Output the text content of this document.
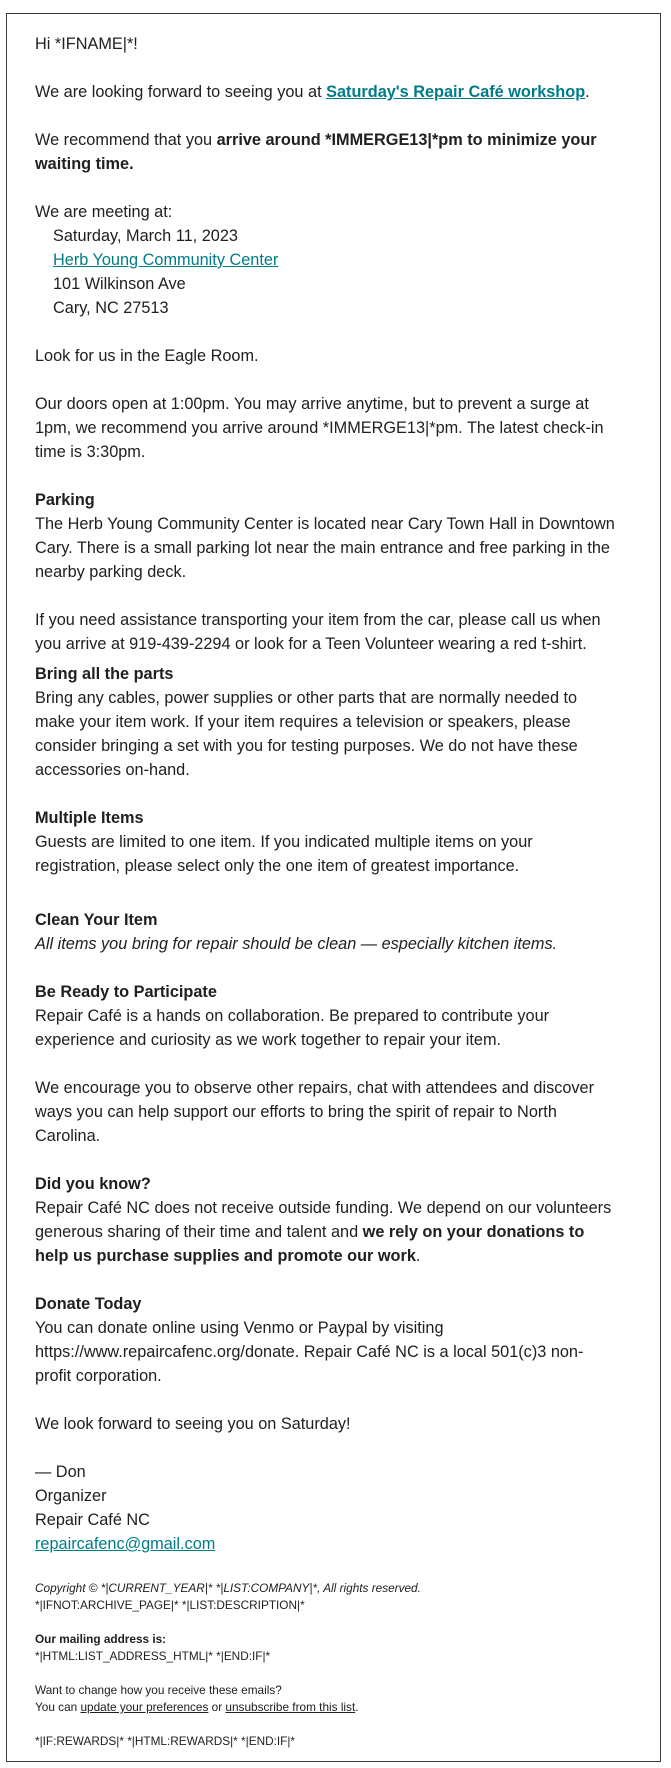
Hi *IFNAME|*!

We are looking forward to seeing you at Saturday's Repair Café workshop.

We recommend that you arrive around *IMMERGE13|*pm to minimize your waiting time.

We are meeting at:

Saturday, March 11, 2023

Herb Young Community Center

101 Wilkinson Ave

Cary, NC 27513

Look for us in the Eagle Room.

Our doors open at 1:00pm. You may arrive anytime, but to prevent a surge at 1pm, we recommend you arrive around *IMMERGE13|*pm. The latest check-in time is 3:30pm.

Parking

The Herb Young Community Center is located near Cary Town Hall in Downtown Cary. There is a small parking lot near the main entrance and free parking in the nearby parking deck.

If you need assistance transporting your item from the car, please call us when you arrive at 919-439-2294 or look for a Teen Volunteer wearing a red t-shirt.

Bring all the parts

Bring any cables, power supplies or other parts that are normally needed to make your item work. If your item requires a television or speakers, please consider bringing a set with you for testing purposes. We do not have these accessories on-hand.

Multiple Items

Guests are limited to one item. If you indicated multiple items on your registration, please select only the one item of greatest importance.

Clean Your Item

All items you bring for repair should be clean — especially kitchen items.

Be Ready to Participate

Repair Café is a hands on collaboration. Be prepared to contribute your experience and curiosity as we work together to repair your item.

We encourage you to observe other repairs, chat with attendees and discover ways you can help support our efforts to bring the spirit of repair to North Carolina.

Did you know?

Repair Café NC does not receive outside funding. We depend on our volunteers generous sharing of their time and talent and we rely on your donations to help us purchase supplies and promote our work.

Donate Today

You can donate online using Venmo or Paypal by visiting https://www.repaircafenc.org/donate. Repair Café NC is a local 501(c)3 non-profit corporation.

We look forward to seeing you on Saturday!

— Don

Organizer

Repair Café NC

repaircafenc@gmail.com

Copyright © *|CURRENT_YEAR|* *|LIST:COMPANY|*, All rights reserved.

*|IFNOT:ARCHIVE_PAGE|* *|LIST:DESCRIPTION|*

Our mailing address is:

*|HTML:LIST_ADDRESS_HTML|* *|END:IF|*

Want to change how you receive these emails?

You can update your preferences or unsubscribe from this list.

*|IF:REWARDS|* *|HTML:REWARDS|* *|END:IF|*
